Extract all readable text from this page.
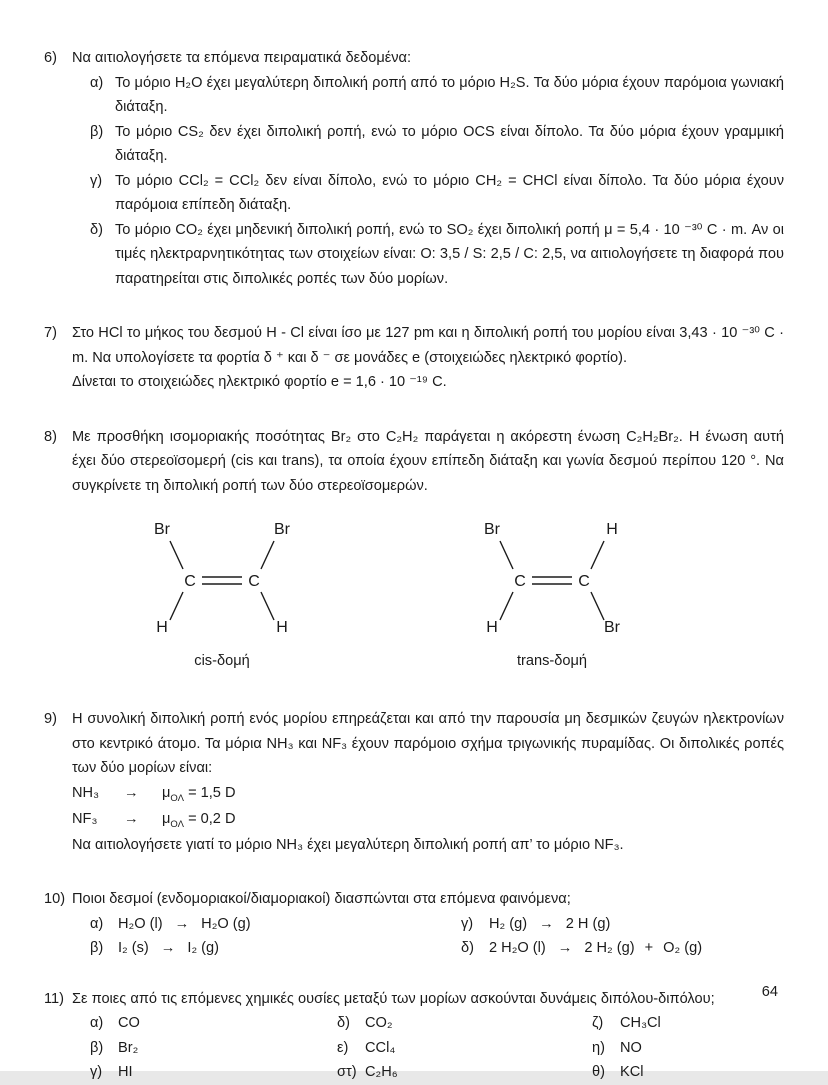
6)	Να αιτιολογήσετε τα επόμενα πειραματικά δεδομένα:
α) Το μόριο H₂O έχει μεγαλύτερη διπολική ροπή από το μόριο H₂S. Τα δύο μόρια έχουν παρόμοια γωνιακή διάταξη.
β) Το μόριο CS₂ δεν έχει διπολική ροπή, ενώ το μόριο OCS είναι δίπολο. Τα δύο μόρια έχουν γραμμική διάταξη.
γ) Το μόριο CCl₂ = CCl₂ δεν είναι δίπολο, ενώ το μόριο CH₂ = CHCl είναι δίπολο. Τα δύο μόρια έχουν παρόμοια επίπεδη διάταξη.
δ) Το μόριο CO₂ έχει μηδενική διπολική ροπή, ενώ το SO₂ έχει διπολική ροπή μ = 5,4 · 10 ⁻³⁰ C · m. Αν οι τιμές ηλεκτραρνητικότητας των στοιχείων είναι: O: 3,5 / S: 2,5 / C: 2,5, να αιτιολογήσετε τη διαφορά που παρατηρείται στις διπολικές ροπές των δύο μορίων.
7)	Στο HCl το μήκος του δεσμού H - Cl είναι ίσο με 127 pm και η διπολική ροπή του μορίου είναι 3,43 · 10 ⁻³⁰ C · m. Να υπολογίσετε τα φορτία δ ⁺ και δ ⁻ σε μονάδες e (στοιχειώδες ηλεκτρικό φορτίο).
Δίνεται το στοιχειώδες ηλεκτρικό φορτίο e = 1,6 · 10 ⁻¹⁹ C.
8)	Με προσθήκη ισομοριακής ποσότητας Br₂ στο C₂H₂ παράγεται η ακόρεστη ένωση C₂H₂Br₂. Η ένωση αυτή έχει δύο στερεοϊσομερή (cis και trans), τα οποία έχουν επίπεδη διάταξη και γωνία δεσμού περίπου 120 °. Να συγκρίνετε τη διπολική ροπή των δύο στερεοϊσομερών.
Br	Br
C	C
H	H
cis-δομή
Br	H
C	C
H	Br
trans-δομή
9)	Η συνολική διπολική ροπή ενός μορίου επηρεάζεται και από την παρουσία μη δεσμικών ζευγών ηλεκτρονίων στο κεντρικό άτομο. Τα μόρια NH₃ και NF₃ έχουν παρόμοιο σχήμα τριγωνικής πυραμίδας. Οι διπολικές ροπές των δύο μορίων είναι:
NH₃	→	$\mu_{O\Lambda} = 1,5$ D
NF₃	→	$\mu_{O\Lambda} = 0,2$ D
Να αιτιολογήσετε γιατί το μόριο NH₃ έχει μεγαλύτερη διπολική ροπή απ’ το μόριο NF₃.
10) Ποιοι δεσμοί (ενδομοριακοί/διαμοριακοί) διασπώνται στα επόμενα φαινόμενα;
α)	H₂O (l) → H₂O (g)
β)	I₂ (s) → I₂ (g)
γ)	H₂ (g) → 2 H (g)
δ)	2 H₂O (l) → 2 H₂ (g) + O₂ (g)
11) Σε ποιες από τις επόμενες χημικές ουσίες μεταξύ των μορίων ασκούνται δυνάμεις διπόλου-διπόλου;
α)	CO
β)	Br₂
γ)	HI
δ)	CO₂
ε)	CCl₄
στ) C₂H₆
ζ)	CH₃Cl
η)	NO
θ)	KCl
64
